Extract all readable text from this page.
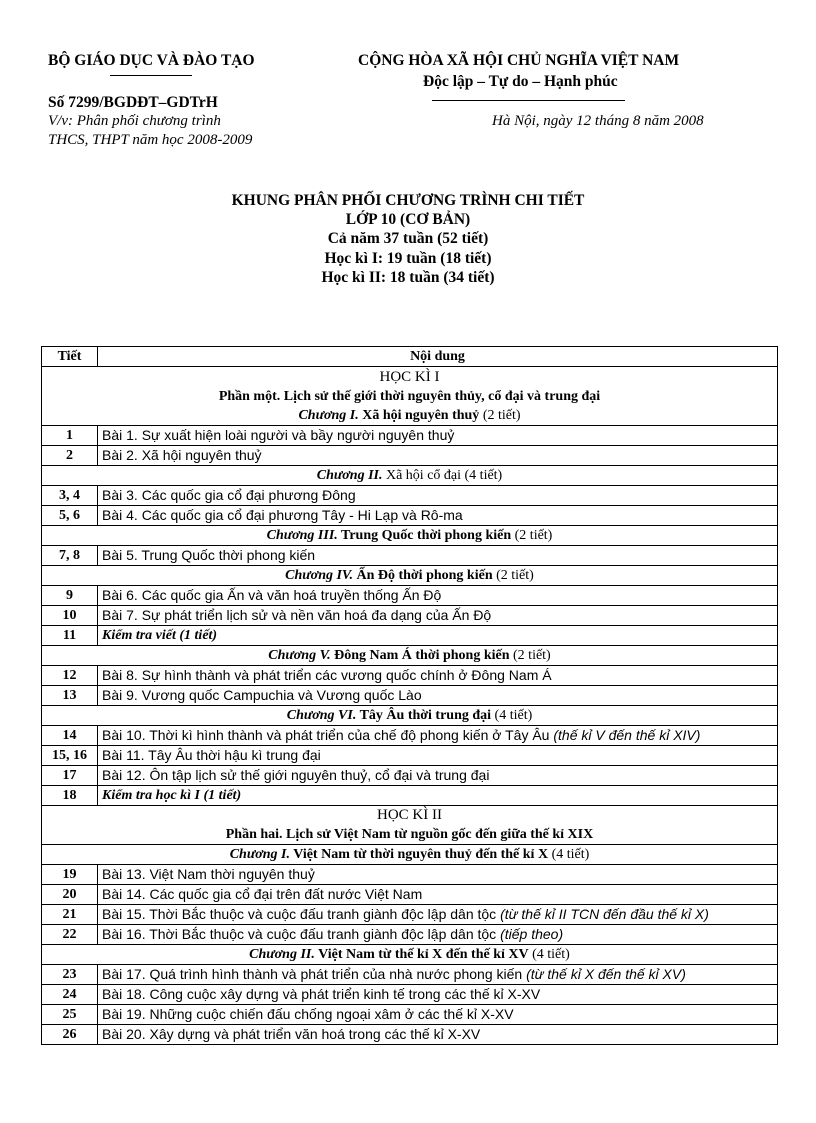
BỘ GIÁO DỤC VÀ ĐÀO TẠO	CỘNG HÒA XÃ HỘI CHỦ NGHĨA VIỆT NAM
Độc lập – Tự do – Hạnh phúc
Số 7299/BGDĐT–GDTrH
V/v: Phân phối chương trình
THCS, THPT năm học 2008-2009
Hà Nội, ngày 12 tháng 8 năm 2008
KHUNG PHÂN PHỐI CHƯƠNG TRÌNH CHI TIẾT
LỚP 10 (CƠ BẢN)
Cả năm 37 tuần (52 tiết)
Học kì I: 19 tuần (18 tiết)
Học kì II: 18 tuần (34 tiết)
Tiết	Nội dung

HỌC KÌ I
Phần một. Lịch sử thế giới thời nguyên thủy, cổ đại và trung đại
Chương I. Xã hội nguyên thuỷ (2 tiết)	

1	Bài 1. Sự xuất hiện loài người và bầy người nguyên thuỷ
2	Bài 2. Xã hội nguyên thuỷ
Chương II. Xã hội cổ đại (4 tiết)	
3, 4	Bài 3. Các quốc gia cổ đại phương Đông
5, 6	Bài 4. Các quốc gia cổ đại phương Tây - Hi Lạp và Rô-ma
Chương III. Trung Quốc thời phong kiến (2 tiết)	
7, 8	Bài 5. Trung Quốc thời phong kiến
Chương IV. Ấn Độ thời phong kiến (2 tiết)	
9	Bài 6. Các quốc gia Ấn và văn hoá truyền thống Ấn Độ
10	Bài 7. Sự phát triển lịch sử và nền văn hoá đa dạng của Ấn Độ
11	Kiểm tra viết (1 tiết)
Chương V. Đông Nam Á thời phong kiến (2 tiết)	
12	Bài 8. Sự hình thành và phát triển các vương quốc chính ở Đông Nam Á
13	Bài 9. Vương quốc Campuchia và Vương quốc Lào
Chương VI. Tây Âu thời trung đại (4 tiết)	
14	Bài 10. Thời kì hình thành và phát triển của chế độ phong kiến ở Tây Âu (thế kỉ V đến thế kỉ XIV)
15, 16	Bài 11. Tây Âu thời hậu kì trung đại
17	Bài 12. Ôn tập lịch sử thế giới nguyên thuỷ, cổ đại và trung đại
18	Kiểm tra học kì I (1 tiết)

HỌC KÌ II
Phần hai. Lịch sử Việt Nam từ nguồn gốc đến giữa thế kỉ XIX	

Chương I. Việt Nam từ thời nguyên thuỷ đến thế kỉ X (4 tiết)	
19	Bài 13. Việt Nam thời nguyên thuỷ
20	Bài 14. Các quốc gia cổ đại trên đất nước Việt Nam
21	Bài 15. Thời Bắc thuộc và cuộc đấu tranh giành độc lập dân tộc (từ thế kỉ II TCN đến đầu thế kỉ X)
22	Bài 16. Thời Bắc thuộc và cuộc đấu tranh giành độc lập dân tộc (tiếp theo)
Chương II. Việt Nam từ thế kỉ X đến thế kỉ XV (4 tiết)	
23	Bài 17. Quá trình hình thành và phát triển của nhà nước phong kiến (từ thế kỉ X đến thế kỉ XV)
24	Bài 18. Công cuộc xây dựng và phát triển kinh tế trong các thế kỉ X-XV
25	Bài 19. Những cuộc chiến đấu chống ngoại xâm ở các thế kỉ X-XV
26	Bài 20. Xây dựng và phát triển văn hoá trong các thế kỉ X-XV
